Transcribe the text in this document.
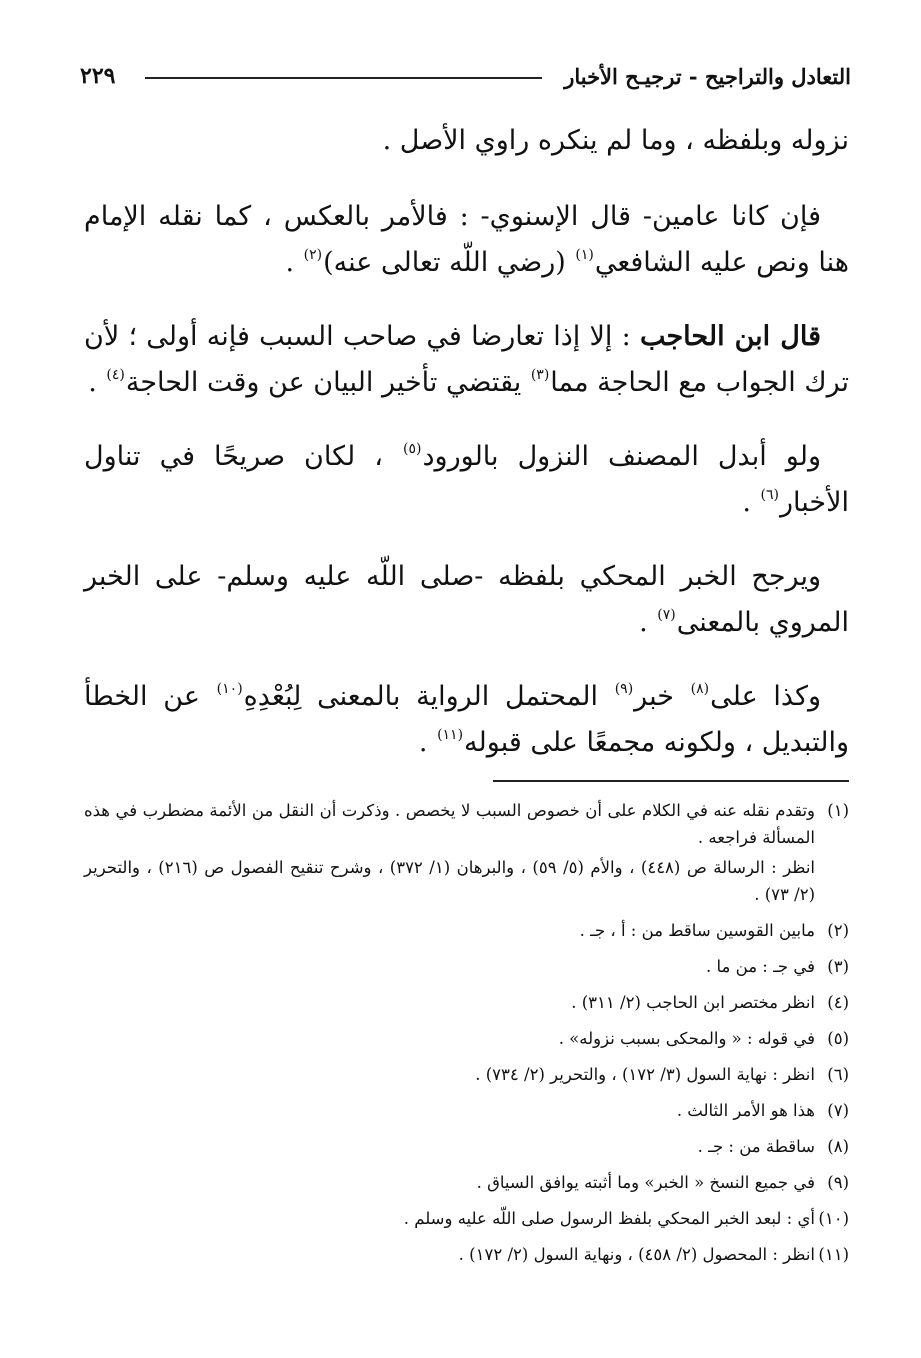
التعادل والتراجيح - ترجيـح الأخبار
٢٢٩

نزوله وبلفظه ، وما لم ينكره راوي الأصل .

فإن كانا عامين- قال الإسنوي- : فالأمر بالعكس ، كما نقله الإمام هنا ونص عليه الشافعي$^{(١)}$ (رضي اللّه تعالى عنه)$^{(٢)}$ .

قال ابن الحاجب : إلا إذا تعارضا في صاحب السبب فإنه أولى ؛ لأن ترك الجواب مع الحاجة مما$^{(٣)}$ يقتضي تأخير البيان عن وقت الحاجة$^{(٤)}$ .

ولو أبدل المصنف النزول بالورود$^{(٥)}$ ، لكان صريحًا في تناول الأخبار$^{(٦)}$ .

ويرجح الخبر المحكي بلفظه -صلى اللّه عليه وسلم- على الخبر المروي بالمعنى$^{(٧)}$ .

وكذا على$^{(٨)}$ خبر$^{(٩)}$ المحتمل الرواية بالمعنى لِبُعْدِهِ$^{(١٠)}$ عن الخطأ والتبديل ، ولكونه مجمعًا على قبوله$^{(١١)}$ .

(١)
وتقدم نقله عنه في الكلام على أن خصوص السبب لا يخصص . وذكرت أن النقل من الأئمة مضطرب في هذه المسألة فراجعه .
انظر : الرسالة ص (٤٤٨) ، والأم (٥/ ٥٩) ، والبرهان (١/ ٣٧٢) ، وشرح تنقيح الفصول ص (٢١٦) ، والتحرير (٢/ ٧٣) .
(٢)
مابين القوسين ساقط من : أ ، جـ .
(٣)
في جـ : من ما .
(٤)
انظر مختصر ابن الحاجب (٢/ ٣١١) .
(٥)
في قوله : « والمحكى بسبب نزوله» .
(٦)
انظر : نهاية السول (٣/ ١٧٢) ، والتحرير (٢/ ٧٣٤) .
(٧)
هذا هو الأمر الثالث .
(٨)
ساقطة من : جـ .
(٩)
في جميع النسخ « الخبر» وما أثبته يوافق السياق .
(١٠)
أي : لبعد الخبر المحكي بلفظ الرسول صلى اللّه عليه وسلم .
(١١)
انظر : المحصول (٢/ ٤٥٨) ، ونهاية السول (٢/ ١٧٢) .
